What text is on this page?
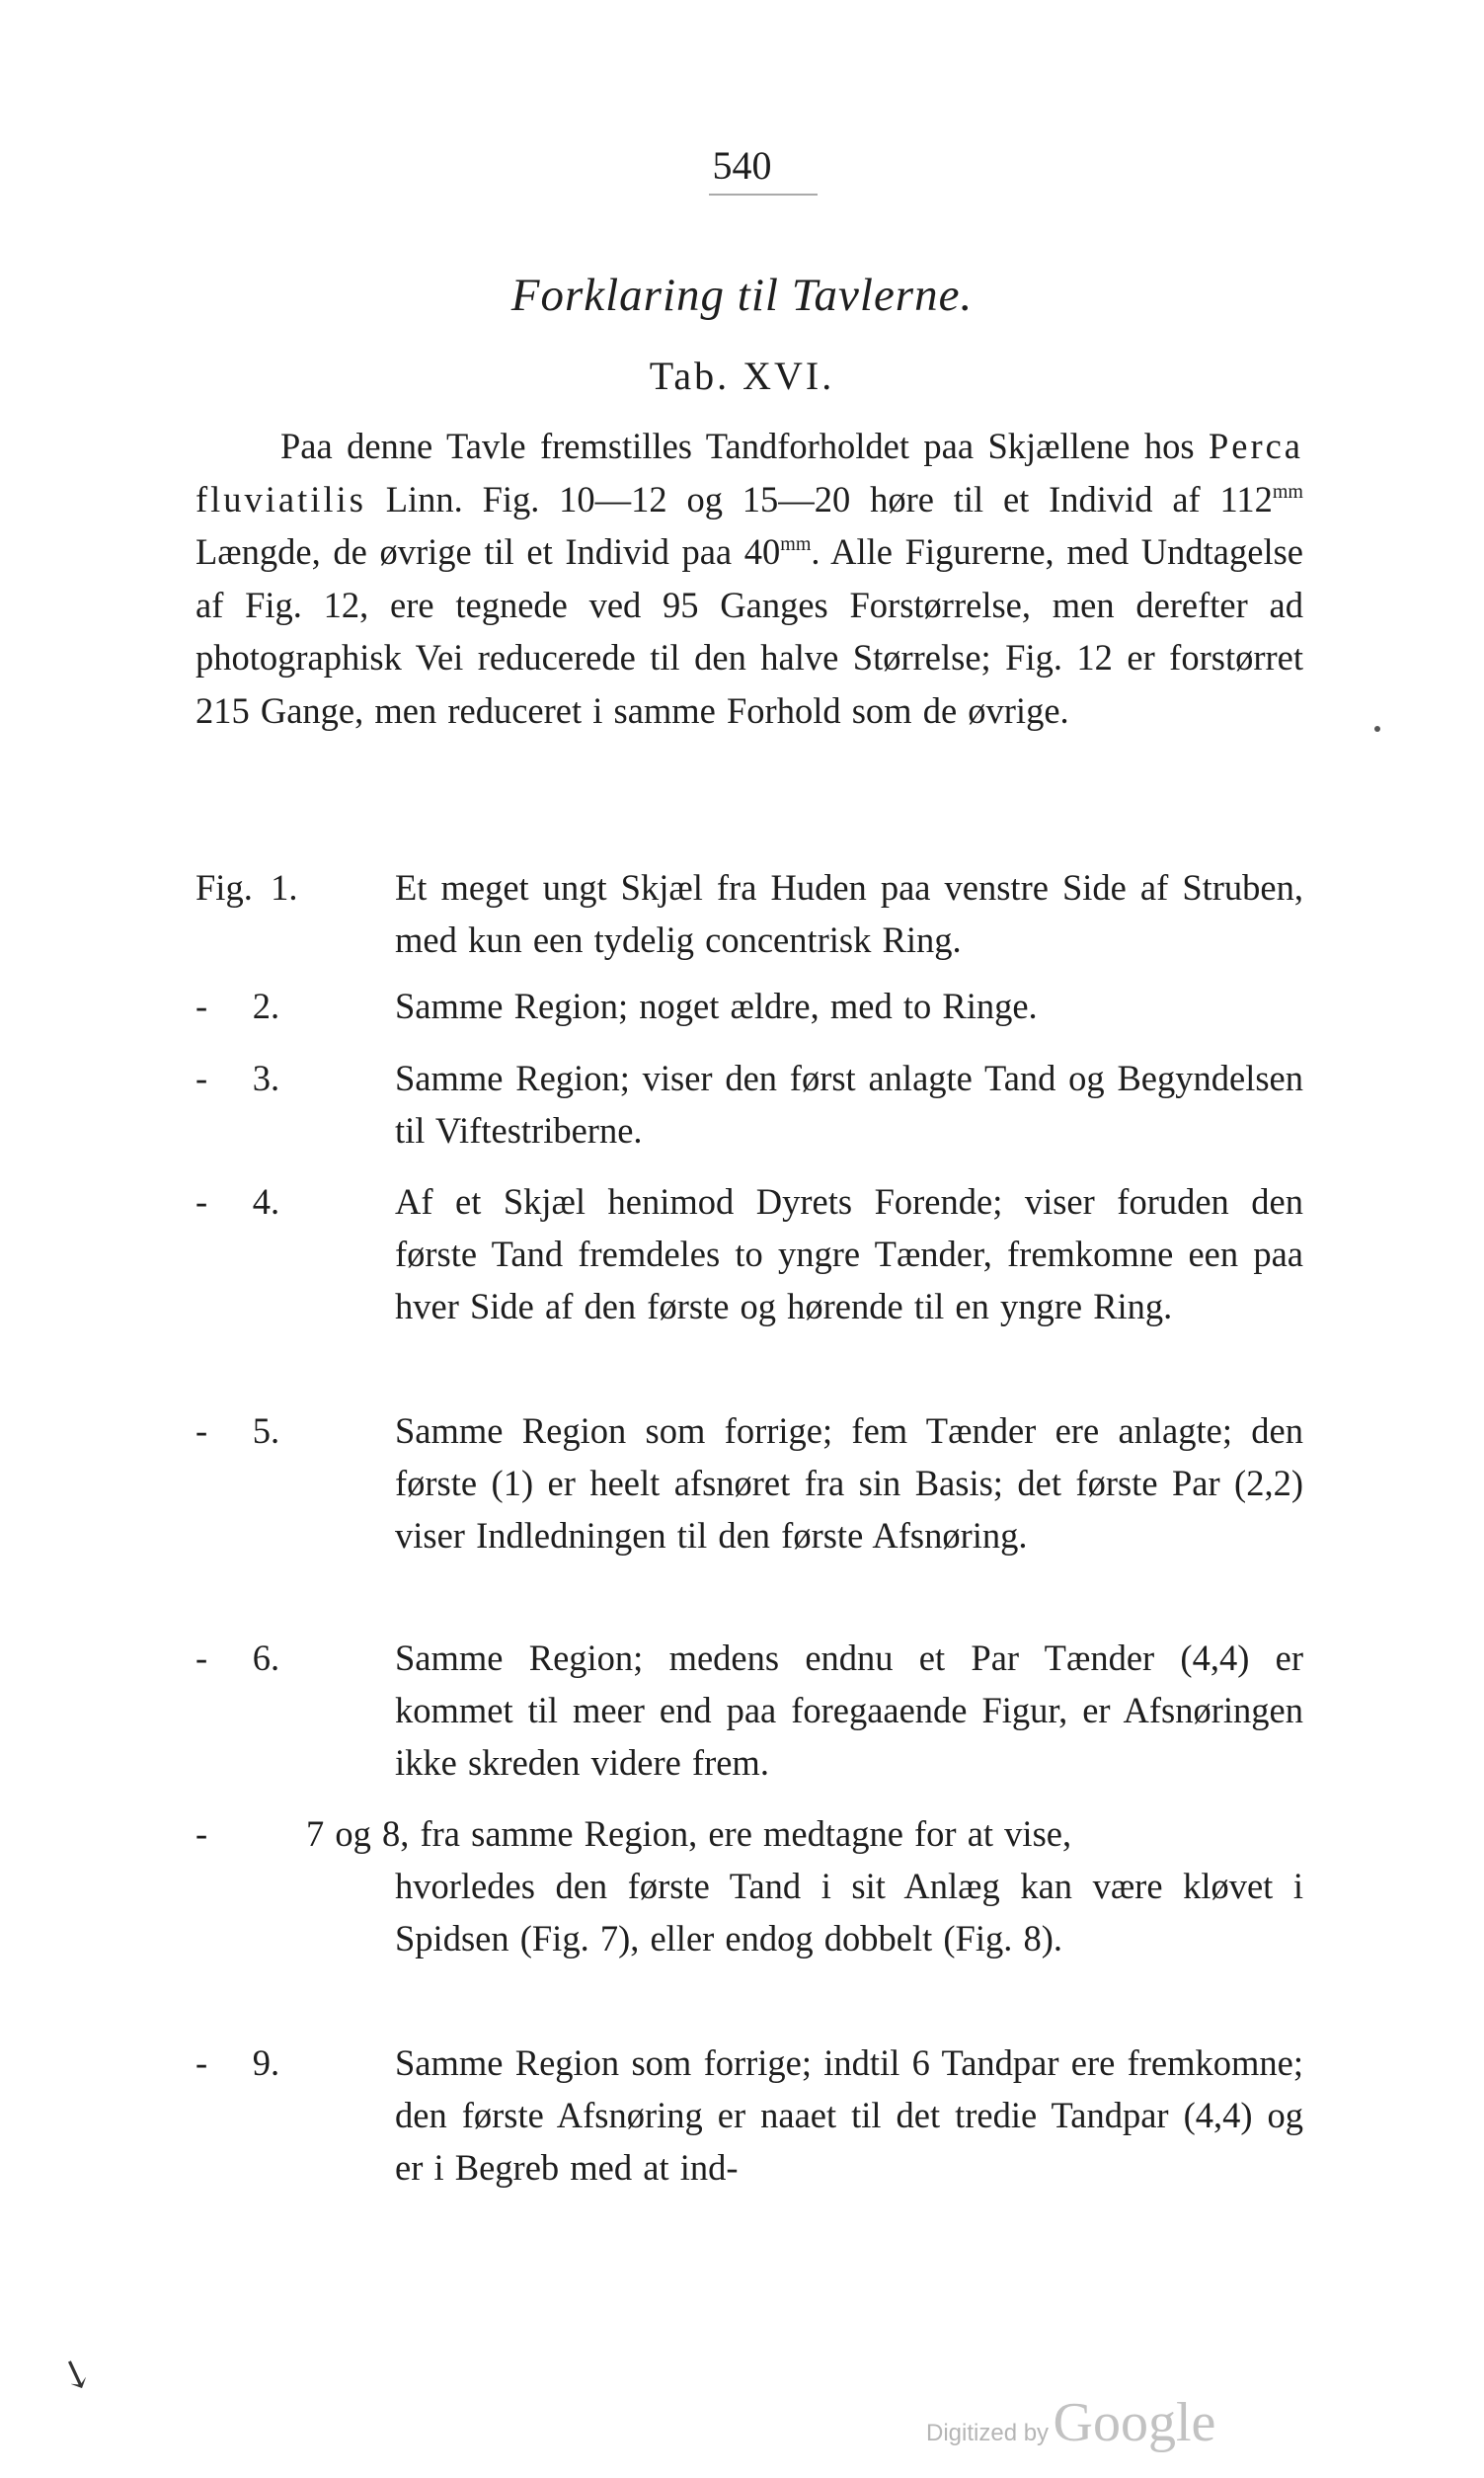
540
Forklaring til Tavlerne.
Tab. XVI.
Paa denne Tavle fremstilles Tandforholdet paa Skjællene hos Perca fluviatilis Linn. Fig. 10—12 og 15—20 høre til et Individ af $112^{mm}$ Længde, de øvrige til et Individ paa $40^{mm}$. Alle Figurerne, med Undtagelse af Fig. 12, ere tegnede ved 95 Ganges Forstørrelse, men derefter ad photographisk Vei reducerede til den halve Størrelse; Fig. 12 er forstørret 215 Gange, men reduceret i samme Forhold som de øvrige.
Fig.  1.	Et meget ungt Skjæl fra Huden paa venstre Side af Struben, med kun een tydelig concentrisk Ring.
-     2.	Samme Region; noget ældre, med to Ringe.
-     3.	Samme Region; viser den først anlagte Tand og Begyndelsen til Viftestriberne.
-     4.	Af et Skjæl henimod Dyrets Forende; viser foruden den første Tand fremdeles to yngre Tænder, fremkomne een paa hver Side af den første og hørende til en yngre Ring.
-     5.	Samme Region som forrige; fem Tænder ere anlagte; den første (1) er heelt afsnøret fra sin Basis; det første Par (2,2) viser Indledningen til den første Afsnøring.
-     6.	Samme Region; medens endnu et Par Tænder (4,4) er kommet til meer end paa foregaaende Figur, er Afsnøringen ikke skreden videre frem.
-	7 og 8, fra samme Region, ere medtagne for at vise,
hvorledes den første Tand i sit Anlæg kan være kløvet i Spidsen (Fig. 7), eller endog dobbelt (Fig. 8).
-     9.	Samme Region som forrige; indtil 6 Tandpar ere fremkomne; den første Afsnøring er naaet til det tredie Tandpar (4,4) og er i Begreb med at ind-
↘
Digitized by Google
